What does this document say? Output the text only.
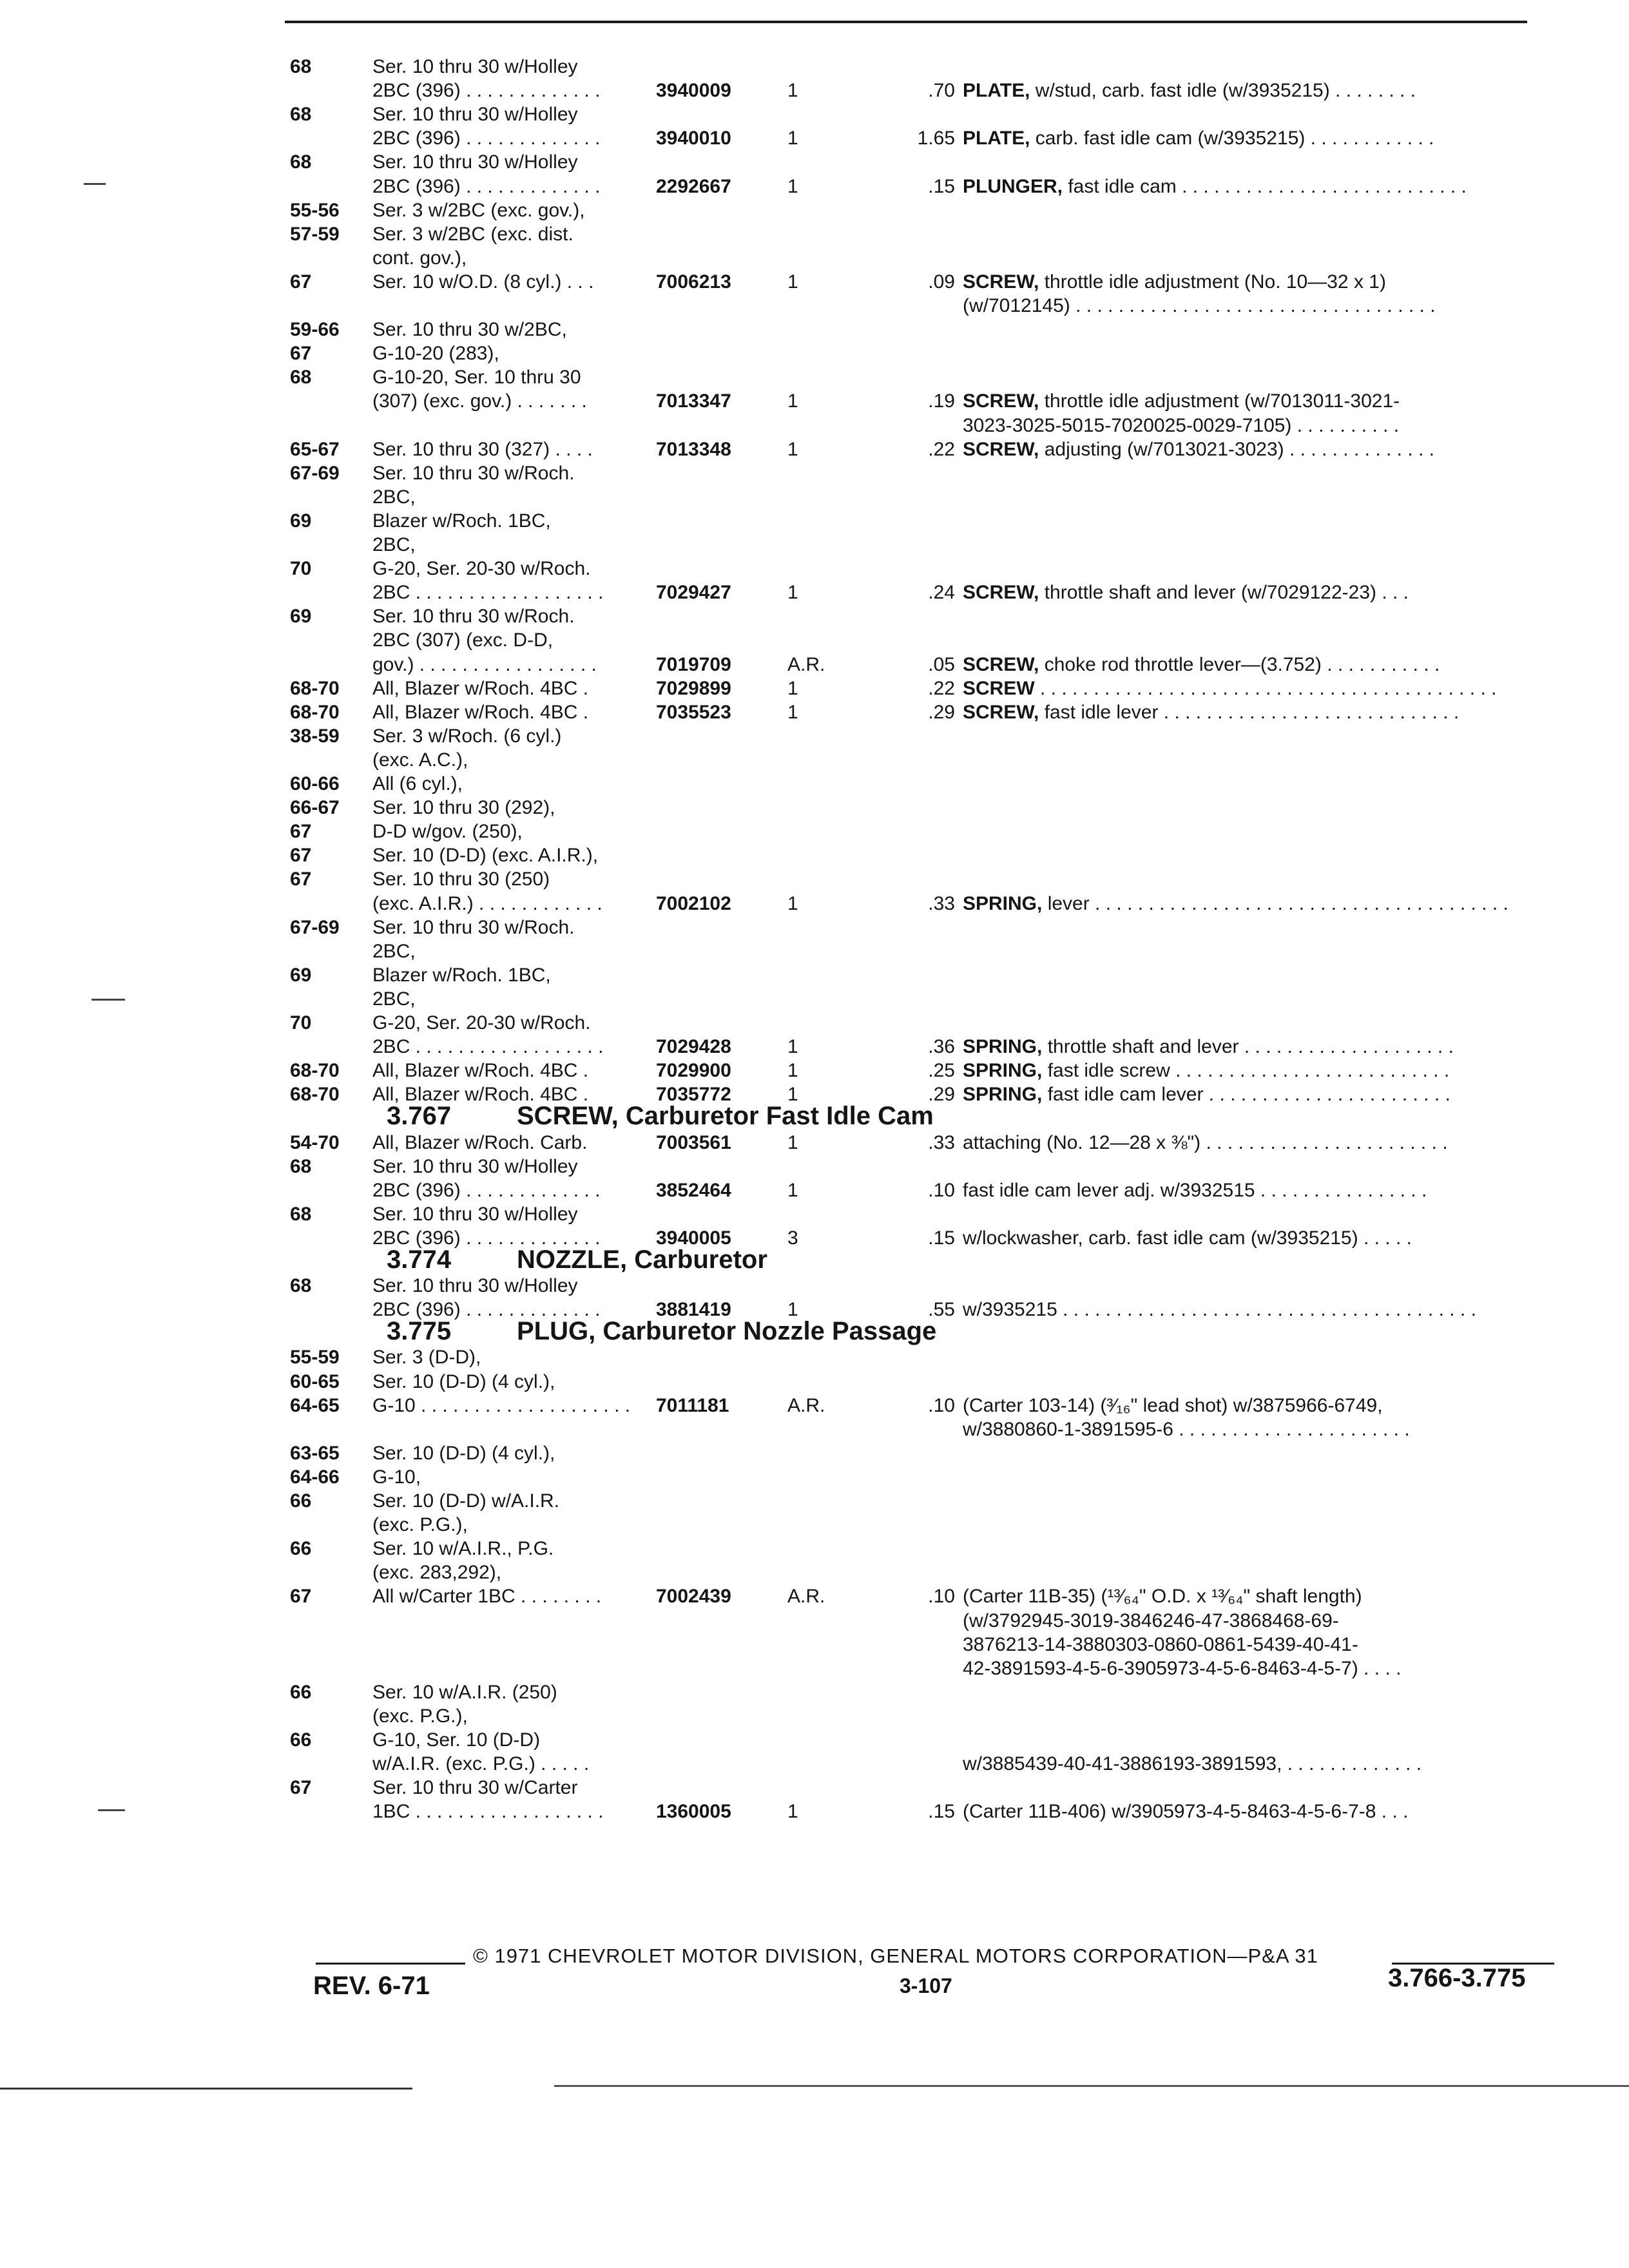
68	Ser. 10 thru 30 w/Holley
2BC (396) . . . . . . . . . . . . .	3940009	1	.70 PLATE, w/stud, carb. fast idle (w/3935215) . . . . . . . .
68	Ser. 10 thru 30 w/Holley
2BC (396) . . . . . . . . . . . . .	3940010	1	1.65 PLATE, carb. fast idle cam (w/3935215) . . . . . . . . . . . .
68	Ser. 10 thru 30 w/Holley
2BC (396) . . . . . . . . . . . . .	2292667	1	.15 PLUNGER, fast idle cam . . . . . . . . . . . . . . . . . . . . . . . . . . .
55-56 Ser. 3 w/2BC (exc. gov.),
57-59 Ser. 3 w/2BC (exc. dist.
cont. gov.),
67	Ser. 10 w/O.D. (8 cyl.) . . .	7006213	1	.09 SCREW, throttle idle adjustment (No. 10—32 x 1)
(w/7012145) . . . . . . . . . . . . . . . . . . . . . . . . . . . . . . . . . .
59-66 Ser. 10 thru 30 w/2BC,
67	G-10-20 (283),
68	G-10-20, Ser. 10 thru 30
(307) (exc. gov.) . . . . . . .	7013347	1	.19 SCREW, throttle idle adjustment (w/7013011-3021-
3023-3025-5015-7020025-0029-7105) . . . . . . . . . .
65-67 Ser. 10 thru 30 (327) . . . .	7013348	1	.22 SCREW, adjusting (w/7013021-3023) . . . . . . . . . . . . . .
67-69 Ser. 10 thru 30 w/Roch.
2BC,
69	Blazer w/Roch. 1BC,
2BC,
70	G-20, Ser. 20-30 w/Roch.
2BC . . . . . . . . . . . . . . . . . .	7029427	1	.24 SCREW, throttle shaft and lever (w/7029122-23) . . .
69	Ser. 10 thru 30 w/Roch.
2BC (307) (exc. D-D,
gov.) . . . . . . . . . . . . . . . . .	7019709	A.R.	.05 SCREW, choke rod throttle lever—(3.752) . . . . . . . . . . .
68-70 All, Blazer w/Roch. 4BC .	7029899	1	.22 SCREW . . . . . . . . . . . . . . . . . . . . . . . . . . . . . . . . . . . . . . . . . . .
68-70 All, Blazer w/Roch. 4BC .	7035523	1	.29 SCREW, fast idle lever . . . . . . . . . . . . . . . . . . . . . . . . . . . .
38-59 Ser. 3 w/Roch. (6 cyl.)
(exc. A.C.),
60-66 All (6 cyl.),
66-67 Ser. 10 thru 30 (292),
67	D-D w/gov. (250),
67	Ser. 10 (D-D) (exc. A.I.R.),
67	Ser. 10 thru 30 (250)
(exc. A.I.R.) . . . . . . . . . . . .	7002102	1	.33 SPRING, lever . . . . . . . . . . . . . . . . . . . . . . . . . . . . . . . . . . . . . . .
67-69 Ser. 10 thru 30 w/Roch.
2BC,
69	Blazer w/Roch. 1BC,
2BC,
70	G-20, Ser. 20-30 w/Roch.
2BC . . . . . . . . . . . . . . . . . .	7029428	1	.36 SPRING, throttle shaft and lever . . . . . . . . . . . . . . . . . . . .
68-70 All, Blazer w/Roch. 4BC .	7029900	1	.25 SPRING, fast idle screw . . . . . . . . . . . . . . . . . . . . . . . . . .
68-70 All, Blazer w/Roch. 4BC .	7035772	1	.29 SPRING, fast idle cam lever . . . . . . . . . . . . . . . . . . . . . . .
3.767	SCREW, Carburetor Fast Idle Cam
54-70 All, Blazer w/Roch. Carb.	7003561	1	.33 attaching (No. 12—28 x ⅜") . . . . . . . . . . . . . . . . . . . . . . .
68	Ser. 10 thru 30 w/Holley
2BC (396) . . . . . . . . . . . . .	3852464	1	.10 fast idle cam lever adj. w/3932515 . . . . . . . . . . . . . . . .
68	Ser. 10 thru 30 w/Holley
2BC (396) . . . . . . . . . . . . .	3940005	3	.15 w/lockwasher, carb. fast idle cam (w/3935215) . . . . .
3.774	NOZZLE, Carburetor
68	Ser. 10 thru 30 w/Holley
2BC (396) . . . . . . . . . . . . .	3881419	1	.55 w/3935215 . . . . . . . . . . . . . . . . . . . . . . . . . . . . . . . . . . . . . . .
3.775	PLUG, Carburetor Nozzle Passage
55-59 Ser. 3 (D-D),
60-65 Ser. 10 (D-D) (4 cyl.),
64-65 G-10 . . . . . . . . . . . . . . . . . . . . 7011181	A.R.	.10 (Carter 103-14) (³⁄₁₆" lead shot) w/3875966-6749,
w/3880860-1-3891595-6 . . . . . . . . . . . . . . . . . . . . . .
63-65 Ser. 10 (D-D) (4 cyl.),
64-66 G-10,
66	Ser. 10 (D-D) w/A.I.R.
(exc. P.G.),
66	Ser. 10 w/A.I.R., P.G.
(exc. 283,292),
67	All w/Carter 1BC . . . . . . . .	7002439	A.R.	.10 (Carter 11B-35) (¹³⁄₆₄" O.D. x ¹³⁄₆₄" shaft length)
(w/3792945-3019-3846246-47-3868468-69-
3876213-14-3880303-0860-0861-5439-40-41-
42-3891593-4-5-6-3905973-4-5-6-8463-4-5-7) . . . .
66	Ser. 10 w/A.I.R. (250)
(exc. P.G.),
66	G-10, Ser. 10 (D-D)
w/A.I.R. (exc. P.G.) . . . . .	w/3885439-40-41-3886193-3891593, . . . . . . . . . . . . .
67	Ser. 10 thru 30 w/Carter
1BC . . . . . . . . . . . . . . . . . .	1360005	1	.15 (Carter 11B-406) w/3905973-4-5-8463-4-5-6-7-8 . . .
© 1971 CHEVROLET MOTOR DIVISION, GENERAL MOTORS CORPORATION—P&A 31
REV. 6-71	3-107	3.766-3.775
